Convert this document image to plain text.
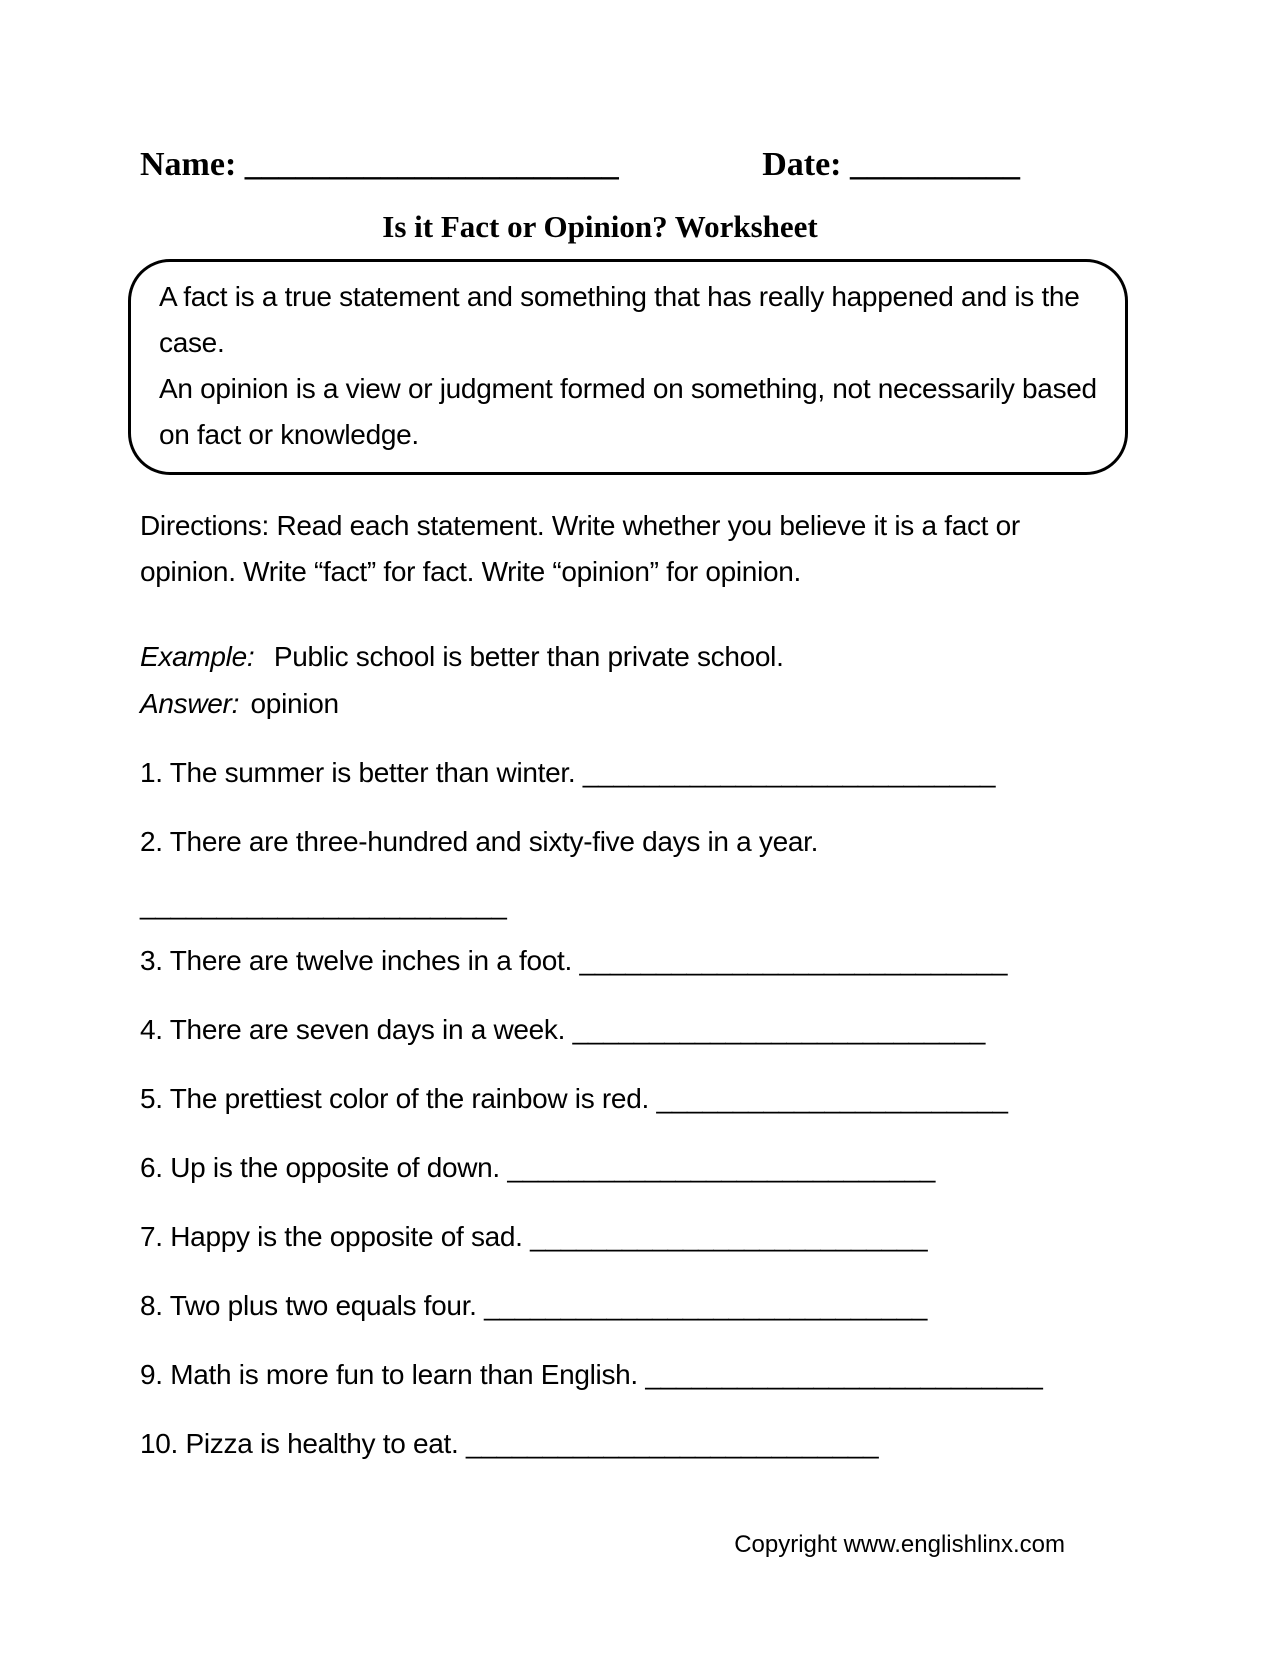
Name: ______________________	Date: __________
Is it Fact or Opinion? Worksheet

A fact is a true statement and something that has really happened and is the case.

An opinion is a view or judgment formed on something, not necessarily based on fact or knowledge.

Directions: Read each statement. Write whether you believe it is a fact or opinion. Write “fact” for fact. Write “opinion” for opinion.

Example: Public school is better than private school.

Answer: opinion

1. The summer is better than winter. ___________________________

2. There are three-hundred and sixty-five days in a year.

________________________

3. There are twelve inches in a foot. ____________________________

4. There are seven days in a week. ___________________________

5. The prettiest color of the rainbow is red. _______________________

6. Up is the opposite of down. ____________________________

7. Happy is the opposite of sad. __________________________

8. Two plus two equals four. _____________________________

9. Math is more fun to learn than English. __________________________

10. Pizza is healthy to eat. ___________________________

Copyright www.englishlinx.com
